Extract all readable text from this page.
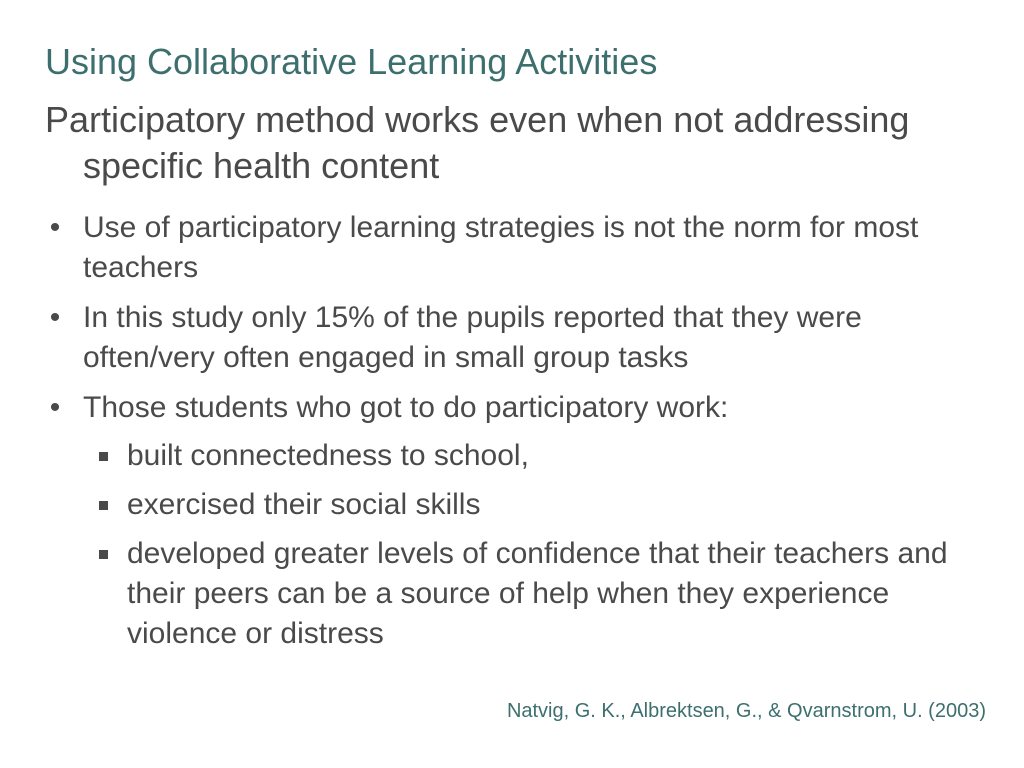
Using Collaborative Learning Activities
Participatory method works even when not addressing specific health content
• Use of participatory learning strategies is not the norm for most teachers
• In this study only 15% of the pupils reported that they were often/very often engaged in small group tasks
• Those students who got to do participatory work:
built connectedness to school,
exercised their social skills
developed greater levels of confidence that their teachers and their peers can be a source of help when they experience violence or distress
Natvig, G. K., Albrektsen, G., & Qvarnstrom, U. (2003)
